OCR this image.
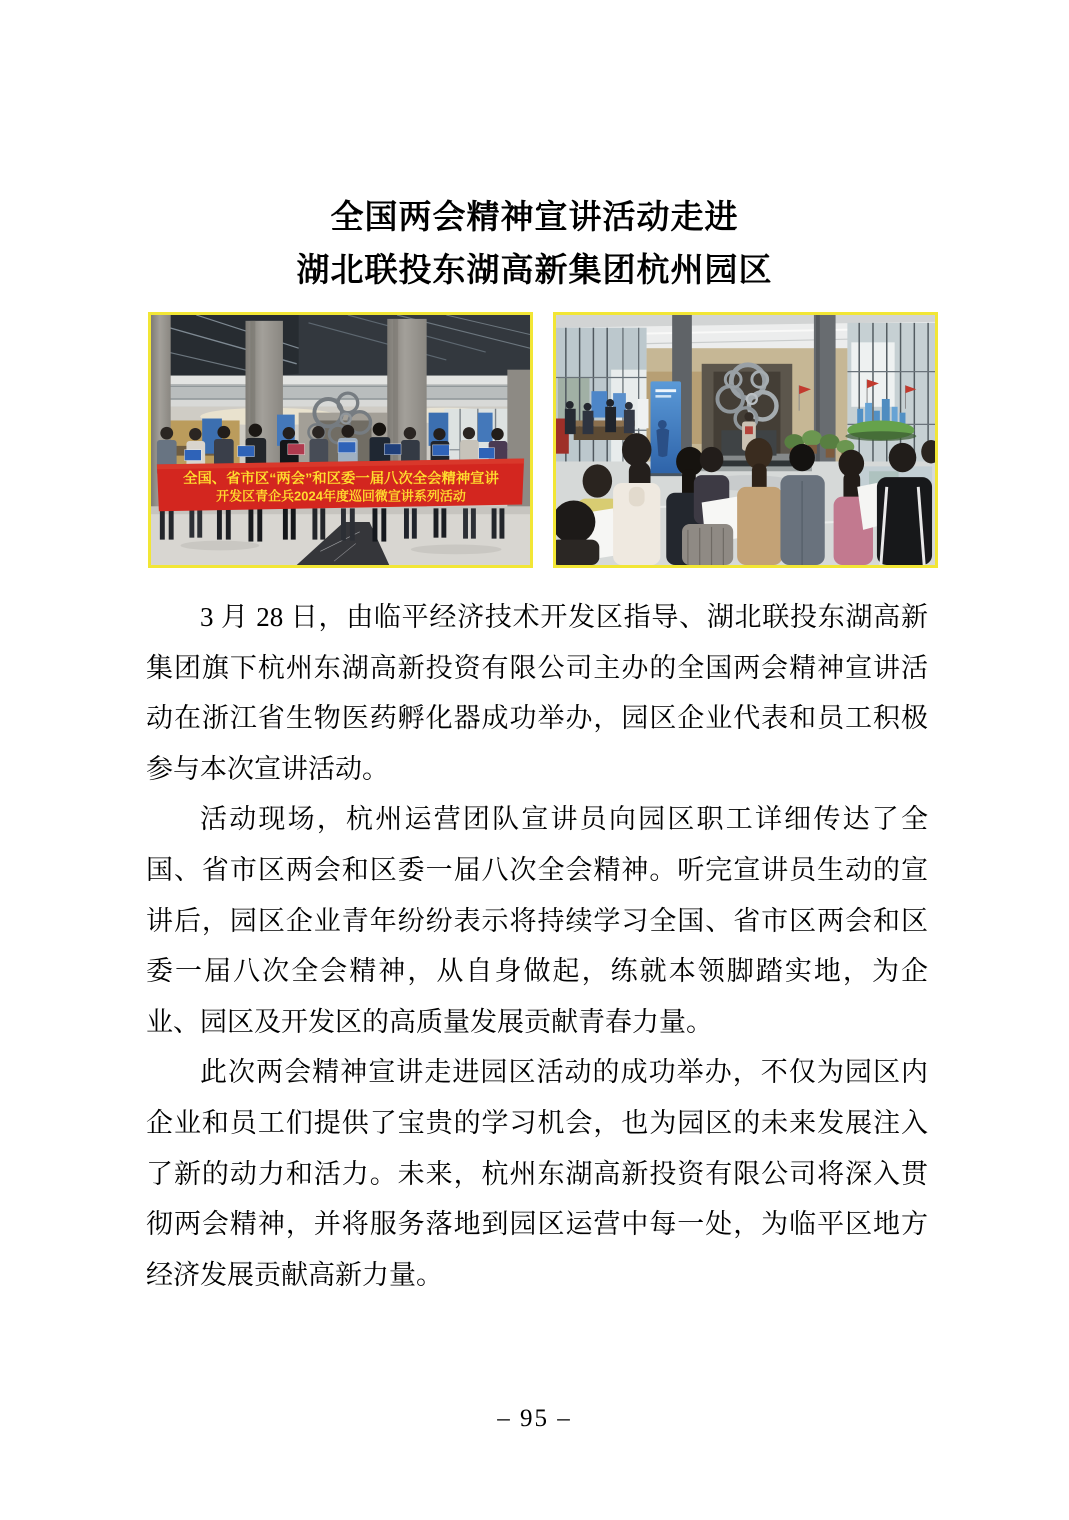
全国两会精神宣讲活动走进
湖北联投东湖高新集团杭州园区
全国、省市区“两会”和区委一届八次全会精神宣讲
开发区青企兵2024年度巡回微宣讲系列活动

3 月 28 日，由临平经济技术开发区指导、湖北联投东湖高新集团旗下杭州东湖高新投资有限公司主办的全国两会精神宣讲活动在浙江省生物医药孵化器成功举办，园区企业代表和员工积极参与本次宣讲活动。

活动现场，杭州运营团队宣讲员向园区职工详细传达了全国、省市区两会和区委一届八次全会精神。听完宣讲员生动的宣讲后，园区企业青年纷纷表示将持续学习全国、省市区两会和区委一届八次全会精神，从自身做起，练就本领脚踏实地，为企业、园区及开发区的高质量发展贡献青春力量。

此次两会精神宣讲走进园区活动的成功举办，不仅为园区内企业和员工们提供了宝贵的学习机会，也为园区的未来发展注入了新的动力和活力。未来，杭州东湖高新投资有限公司将深入贯彻两会精神，并将服务落地到园区运营中每一处，为临平区地方经济发展贡献高新力量。

– 95 –
